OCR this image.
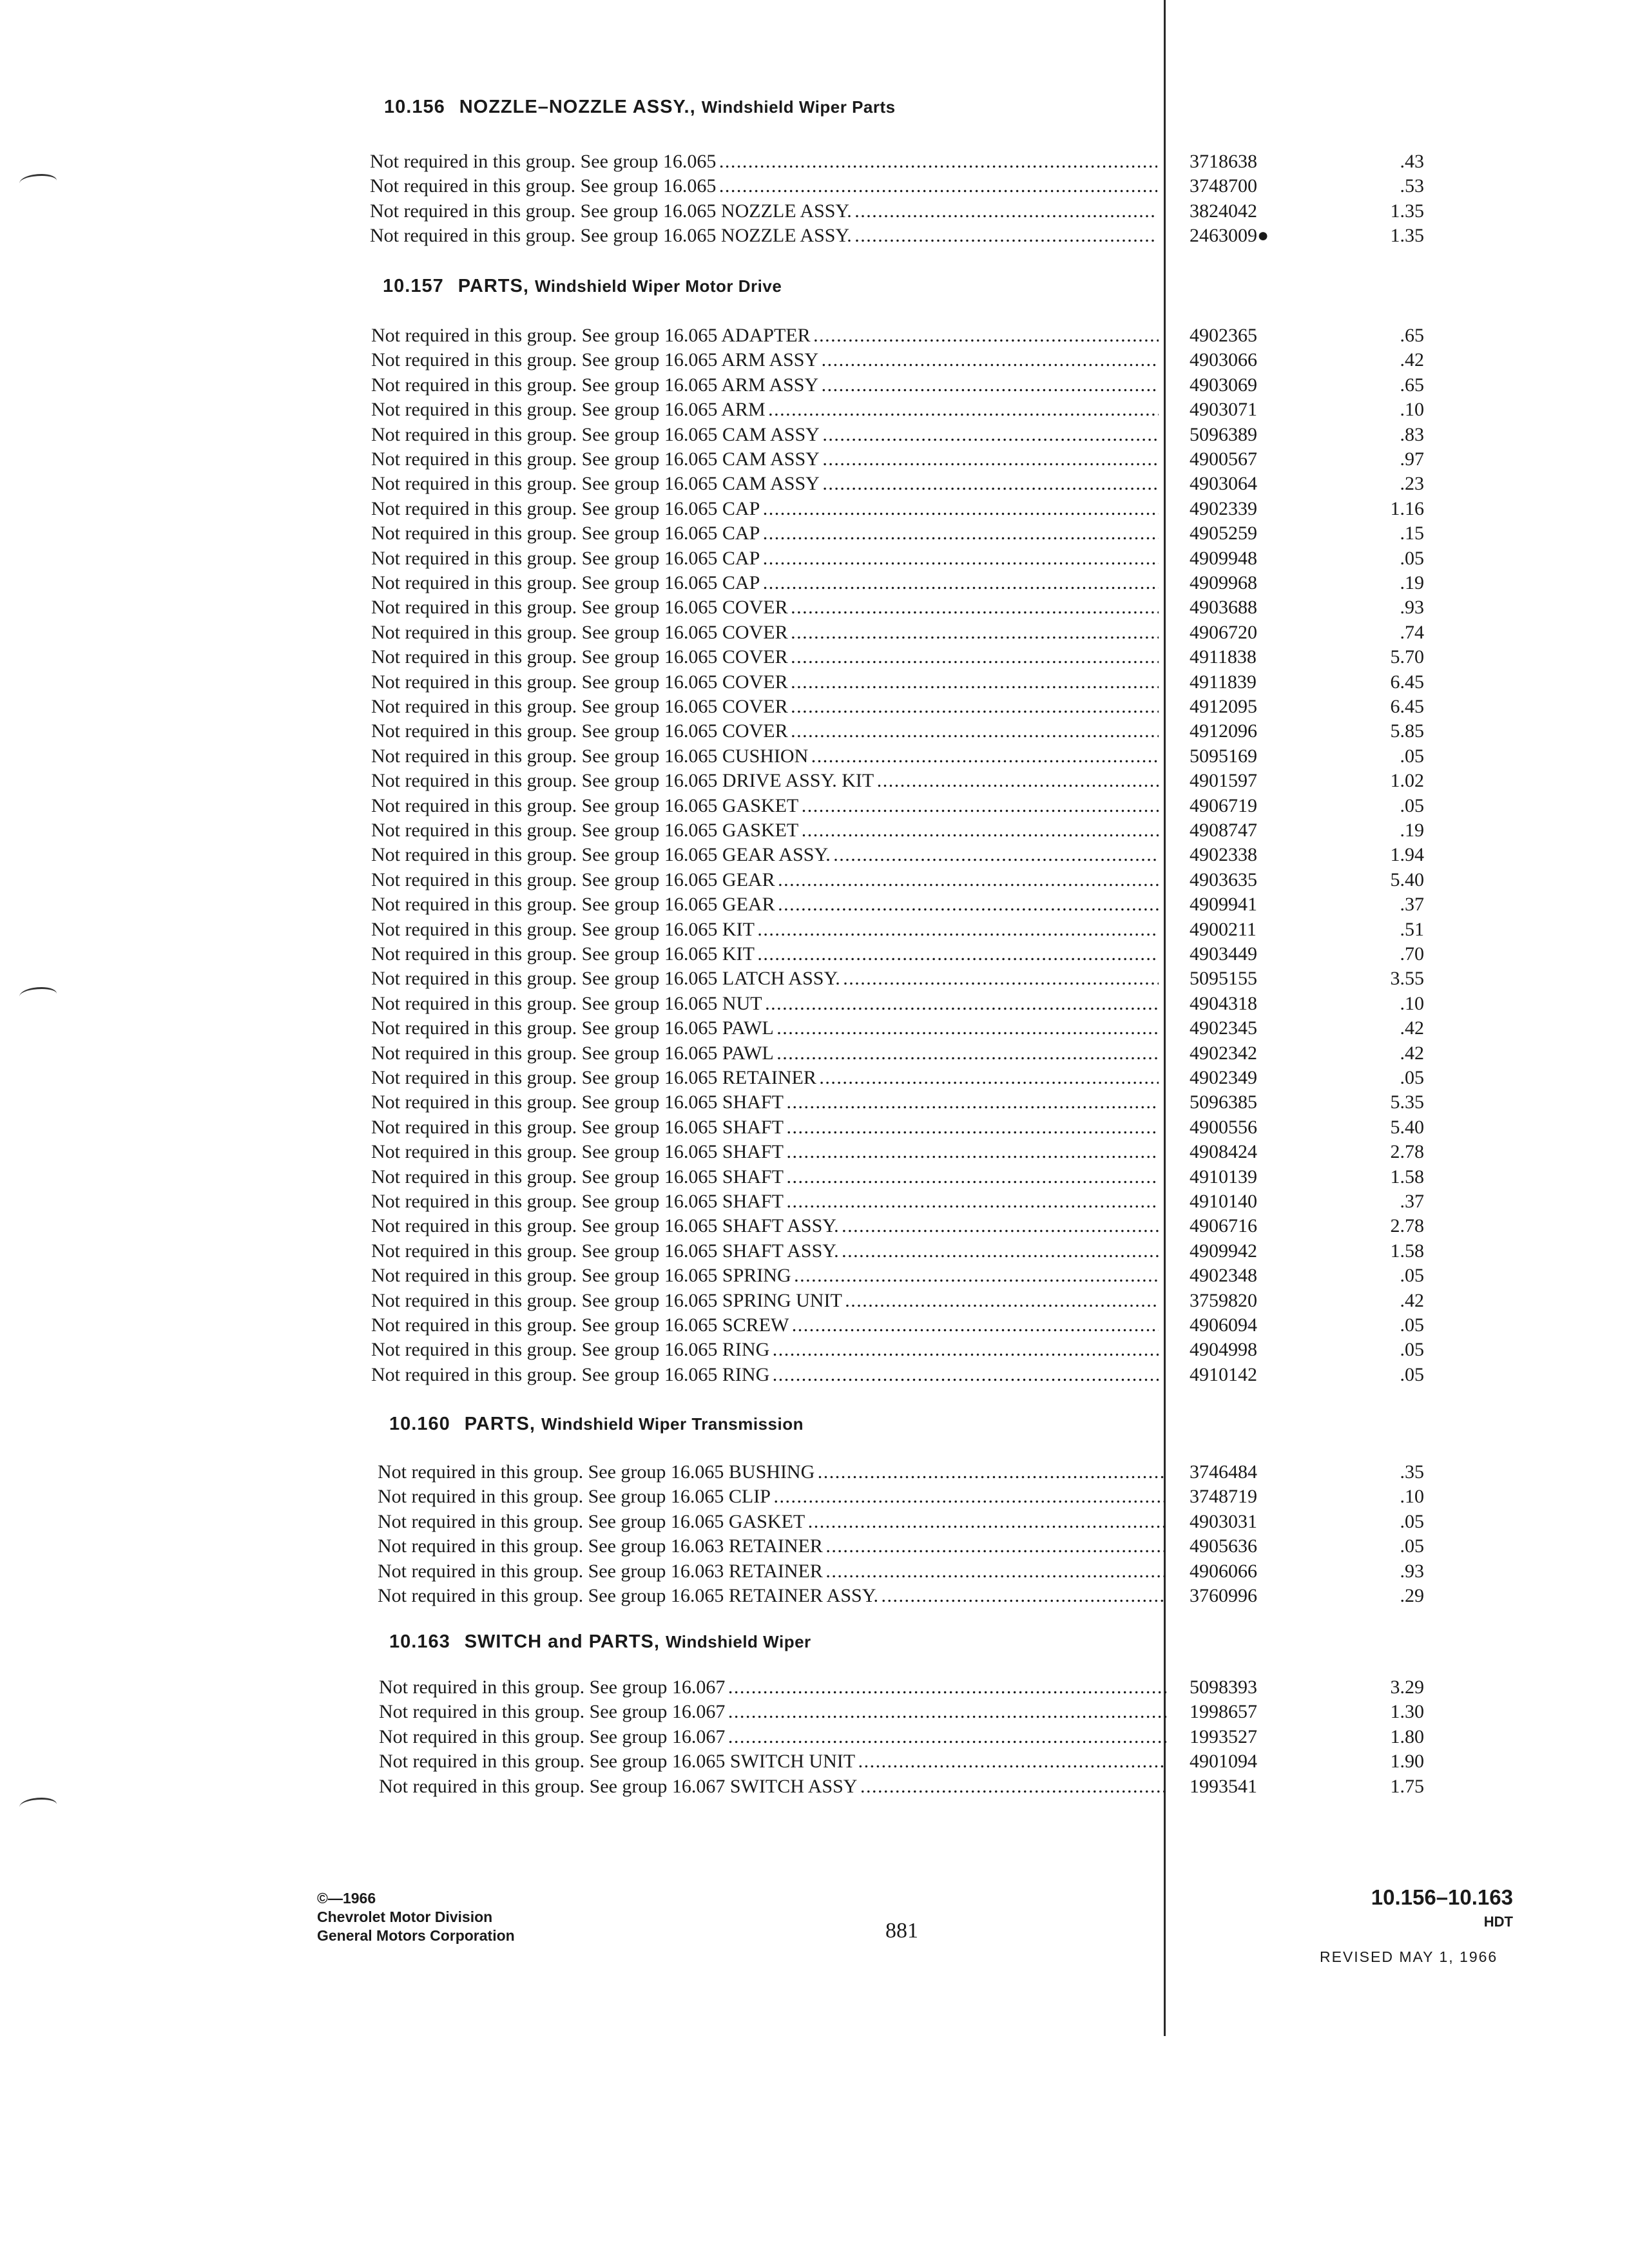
10.156 NOZZLE–NOZZLE ASSY., Windshield Wiper Parts
Not required in this group. See group 16.065 . . .	3718638	.43
Not required in this group. See group 16.065 . . .	3748700	.53
Not required in this group. See group 16.065 NOZZLE ASSY. . . .	3824042	1.35
Not required in this group. See group 16.065 NOZZLE ASSY. . . .	2463009●	1.35
10.157 PARTS, Windshield Wiper Motor Drive
Not required in this group. See group 16.065 ADAPTER . . .	4902365	.65
Not required in this group. See group 16.065 ARM ASSY . . .	4903066	.42
Not required in this group. See group 16.065 ARM ASSY . . .	4903069	.65
Not required in this group. See group 16.065 ARM . . .	4903071	.10
Not required in this group. See group 16.065 CAM ASSY . . .	5096389	.83
Not required in this group. See group 16.065 CAM ASSY . . .	4900567	.97
Not required in this group. See group 16.065 CAM ASSY . . .	4903064	.23
Not required in this group. See group 16.065 CAP . . .	4902339	1.16
Not required in this group. See group 16.065 CAP . . .	4905259	.15
Not required in this group. See group 16.065 CAP . . .	4909948	.05
Not required in this group. See group 16.065 CAP . . .	4909968	.19
Not required in this group. See group 16.065 COVER . . .	4903688	.93
Not required in this group. See group 16.065 COVER . . .	4906720	.74
Not required in this group. See group 16.065 COVER . . .	4911838	5.70
Not required in this group. See group 16.065 COVER . . .	4911839	6.45
Not required in this group. See group 16.065 COVER . . .	4912095	6.45
Not required in this group. See group 16.065 COVER . . .	4912096	5.85
Not required in this group. See group 16.065 CUSHION . . .	5095169	.05
Not required in this group. See group 16.065 DRIVE ASSY. KIT . . .	4901597	1.02
Not required in this group. See group 16.065 GASKET . . .	4906719	.05
Not required in this group. See group 16.065 GASKET . . .	4908747	.19
Not required in this group. See group 16.065 GEAR ASSY. . . .	4902338	1.94
Not required in this group. See group 16.065 GEAR . . .	4903635	5.40
Not required in this group. See group 16.065 GEAR . . .	4909941	.37
Not required in this group. See group 16.065 KIT . . .	4900211	.51
Not required in this group. See group 16.065 KIT . . .	4903449	.70
Not required in this group. See group 16.065 LATCH ASSY. . . .	5095155	3.55
Not required in this group. See group 16.065 NUT . . .	4904318	.10
Not required in this group. See group 16.065 PAWL . . .	4902345	.42
Not required in this group. See group 16.065 PAWL . . .	4902342	.42
Not required in this group. See group 16.065 RETAINER . . .	4902349	.05
Not required in this group. See group 16.065 SHAFT . . .	5096385	5.35
Not required in this group. See group 16.065 SHAFT . . .	4900556	5.40
Not required in this group. See group 16.065 SHAFT . . .	4908424	2.78
Not required in this group. See group 16.065 SHAFT . . .	4910139	1.58
Not required in this group. See group 16.065 SHAFT . . .	4910140	.37
Not required in this group. See group 16.065 SHAFT ASSY. . . .	4906716	2.78
Not required in this group. See group 16.065 SHAFT ASSY. . . .	4909942	1.58
Not required in this group. See group 16.065 SPRING . . .	4902348	.05
Not required in this group. See group 16.065 SPRING UNIT . . .	3759820	.42
Not required in this group. See group 16.065 SCREW . . .	4906094	.05
Not required in this group. See group 16.065 RING . . .	4904998	.05
Not required in this group. See group 16.065 RING . . .	4910142	.05
10.160 PARTS, Windshield Wiper Transmission
Not required in this group. See group 16.065 BUSHING . . .	3746484	.35
Not required in this group. See group 16.065 CLIP . . .	3748719	.10
Not required in this group. See group 16.065 GASKET . . .	4903031	.05
Not required in this group. See group 16.063 RETAINER . . .	4905636	.05
Not required in this group. See group 16.063 RETAINER . . .	4906066	.93
Not required in this group. See group 16.065 RETAINER ASSY. . . .	3760996	.29
10.163 SWITCH and PARTS, Windshield Wiper
Not required in this group. See group 16.067 . . .	5098393	3.29
Not required in this group. See group 16.067 . . .	1998657	1.30
Not required in this group. See group 16.067 . . .	1993527	1.80
Not required in this group. See group 16.065 SWITCH UNIT . . .	4901094	1.90
Not required in this group. See group 16.067 SWITCH ASSY . . .	1993541	1.75
©—1966
Chevrolet Motor Division
General Motors Corporation	881
10.156–10.163
HDT
REVISED MAY 1, 1966
